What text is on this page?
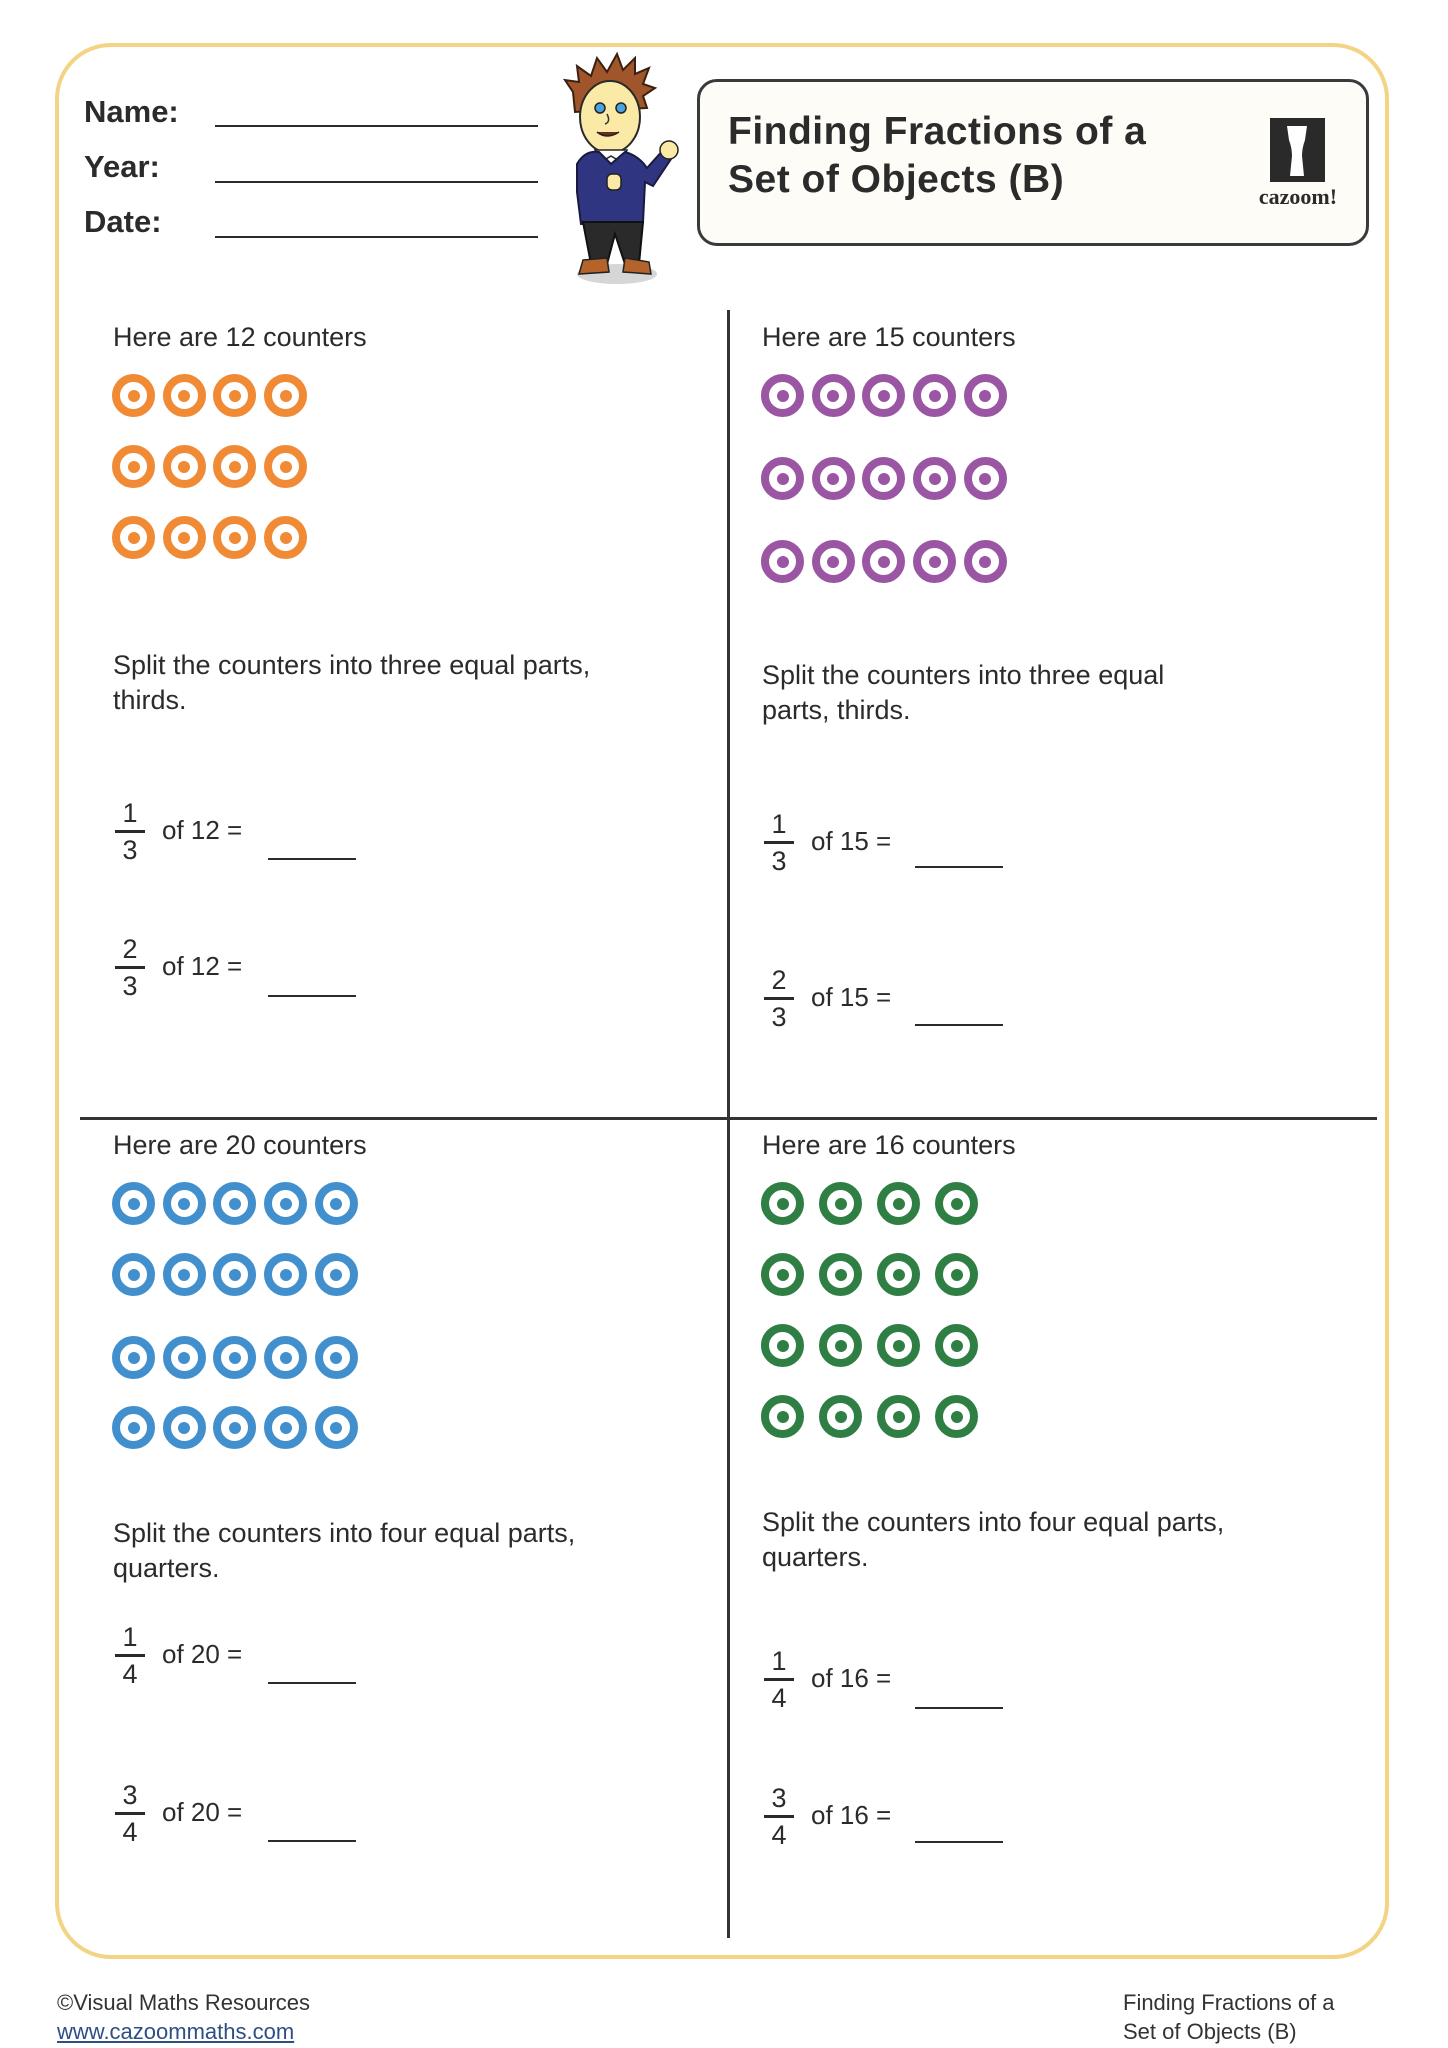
Name:
Year:
Date:
Finding Fractions of a
Set of Objects (B)	cazoom!
Here are 12 counters
Split the counters into three equal parts,
thirds.
1
3
of 12 =
2
3
of 12 =
Here are 15 counters
Split the counters into three equal
parts, thirds.
1
3
of 15 =
2
3
of 15 =
Here are 20 counters
Split the counters into four equal parts,
quarters.
1
4
of 20 =
3
4
of 20 =
Here are 16 counters
Split the counters into four equal parts,
quarters.
1
4
of 16 =
3
4
of 16 =
©Visual Maths Resources
www.cazoommaths.com
Finding Fractions of a
Set of Objects (B)
